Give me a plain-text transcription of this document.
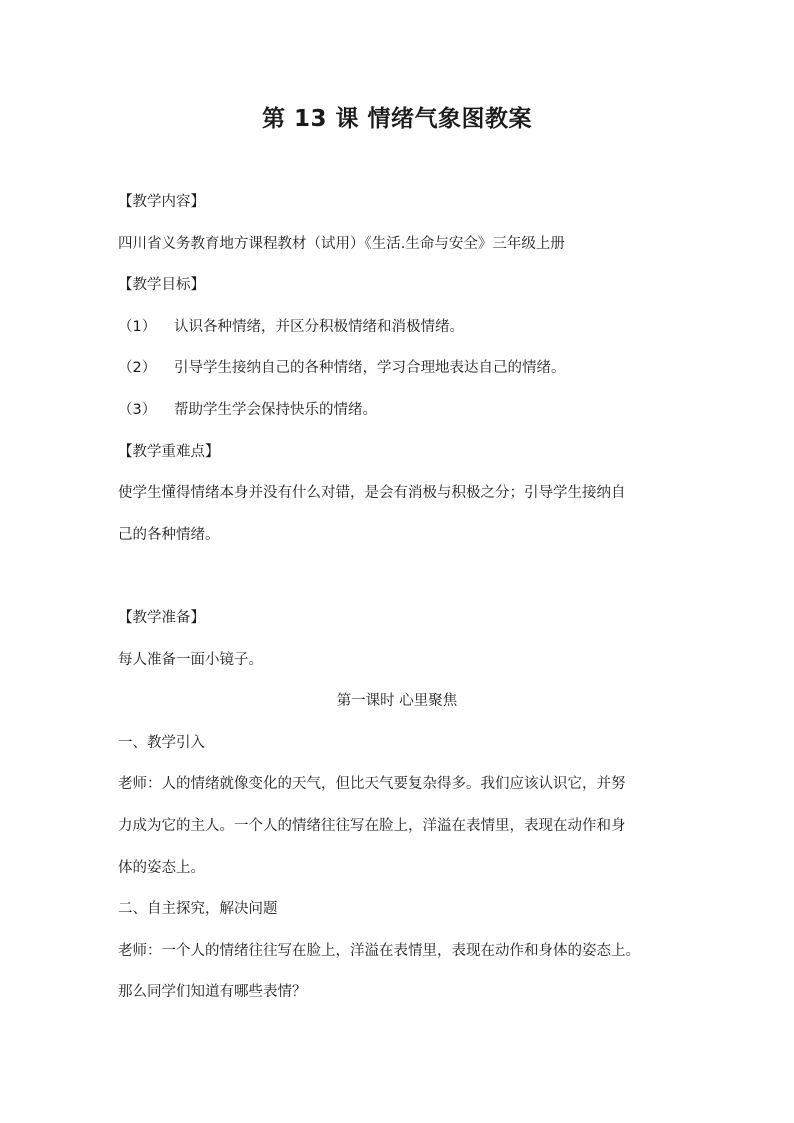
第 13 课 情绪气象图教案
【教学内容】
四川省义务教育地方课程教材（试用）《生活.生命与安全》三年级上册
【教学目标】
（1） 认识各种情绪，并区分积极情绪和消极情绪。
（2） 引导学生接纳自己的各种情绪，学习合理地表达自己的情绪。
（3） 帮助学生学会保持快乐的情绪。
【教学重难点】
使学生懂得情绪本身并没有什么对错，是会有消极与积极之分；引导学生接纳自
己的各种情绪。
【教学准备】
每人准备一面小镜子。
第一课时 心里聚焦
一、教学引入
老师：人的情绪就像变化的天气，但比天气要复杂得多。我们应该认识它，并努
力成为它的主人。一个人的情绪往往写在脸上，洋溢在表情里，表现在动作和身
体的姿态上。
二、自主探究，解决问题
老师：一个人的情绪往往写在脸上，洋溢在表情里，表现在动作和身体的姿态上。
那么同学们知道有哪些表情？
